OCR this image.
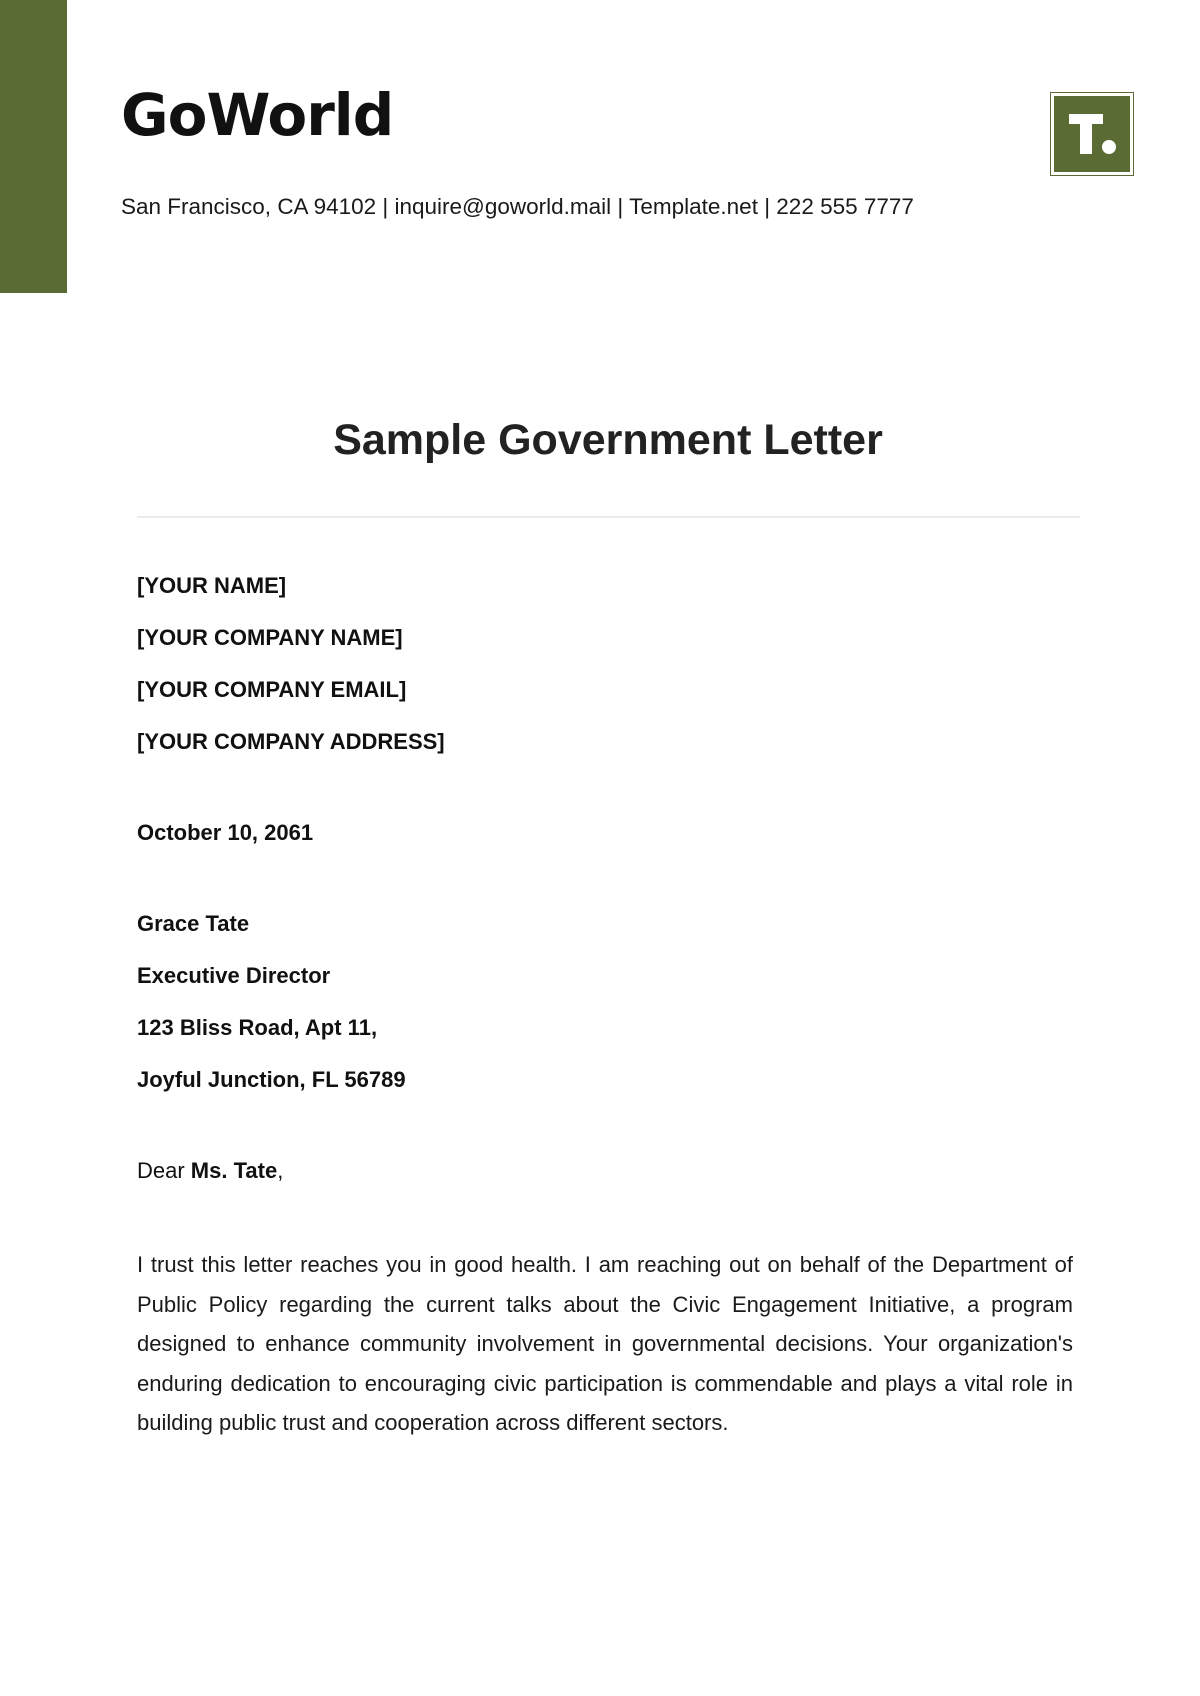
GoWorld
San Francisco, CA 94102 | inquire@goworld.mail | Template.net | 222 555 7777
Sample Government Letter
[YOUR NAME]
[YOUR COMPANY NAME]
[YOUR COMPANY EMAIL]
[YOUR COMPANY ADDRESS]
October 10, 2061
Grace Tate
Executive Director
123 Bliss Road, Apt 11,
Joyful Junction, FL 56789
Dear Ms. Tate,

I trust this letter reaches you in good health. I am reaching out on behalf of the Department of Public Policy regarding the current talks about the Civic Engagement Initiative, a program designed to enhance community involvement in governmental decisions. Your organization's enduring dedication to encouraging civic participation is commendable and plays a vital role in building public trust and cooperation across different sectors.
